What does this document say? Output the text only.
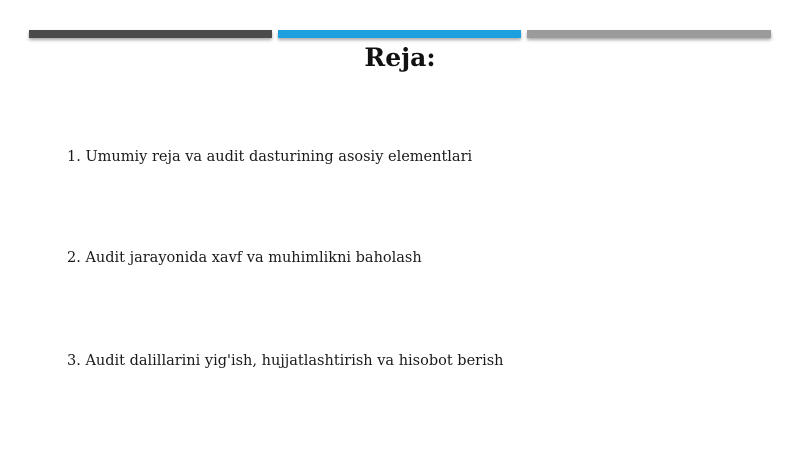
Reja:
1. Umumiy reja va audit dasturining asosiy elementlari
2. Audit jarayonida xavf va muhimlikni baholash
3. Audit dalillarini yig'ish, hujjatlashtirish va hisobot berish
